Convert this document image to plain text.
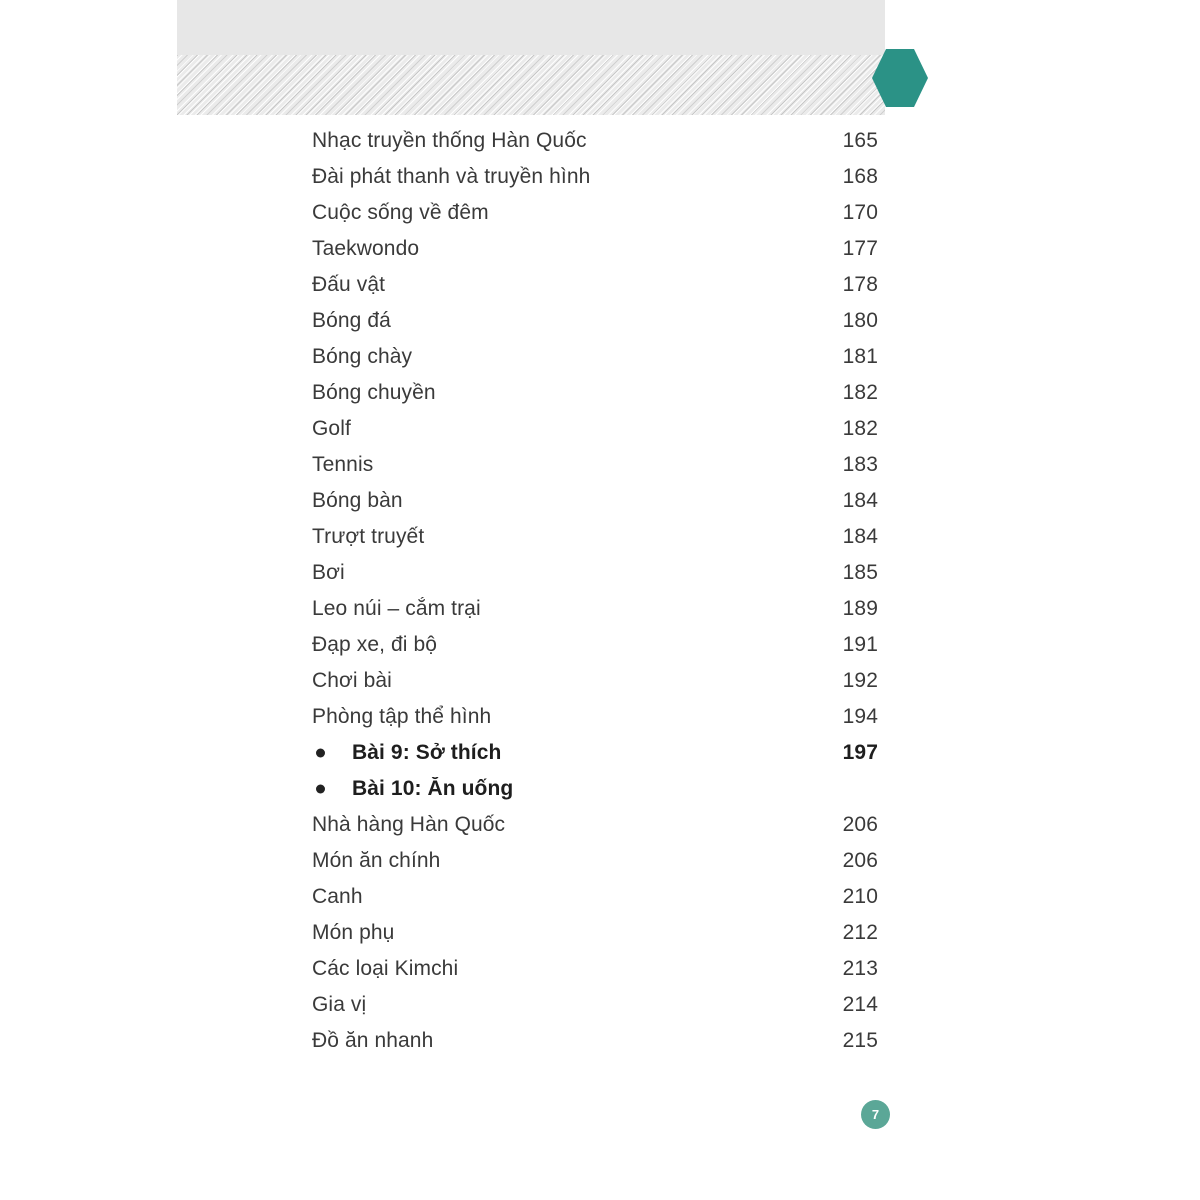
Nhạc truyền thống Hàn Quốc	165
Đài phát thanh và truyền hình	168
Cuộc sống về đêm	170
Taekwondo	177
Đấu vật	178
Bóng đá	180
Bóng chày	181
Bóng chuyền	182
Golf	182
Tennis	183
Bóng bàn	184
Trượt truyết	184
Bơi	185
Leo núi – cắm trại	189
Đạp xe, đi bộ	191
Chơi bài	192
Phòng tập thể hình	194
Bài 9: Sở thích	197
Bài 10: Ăn uống
Nhà hàng Hàn Quốc	206
Món ăn chính	206
Canh	210
Món phụ	212
Các loại Kimchi	213
Gia vị	214
Đồ ăn nhanh	215
7
